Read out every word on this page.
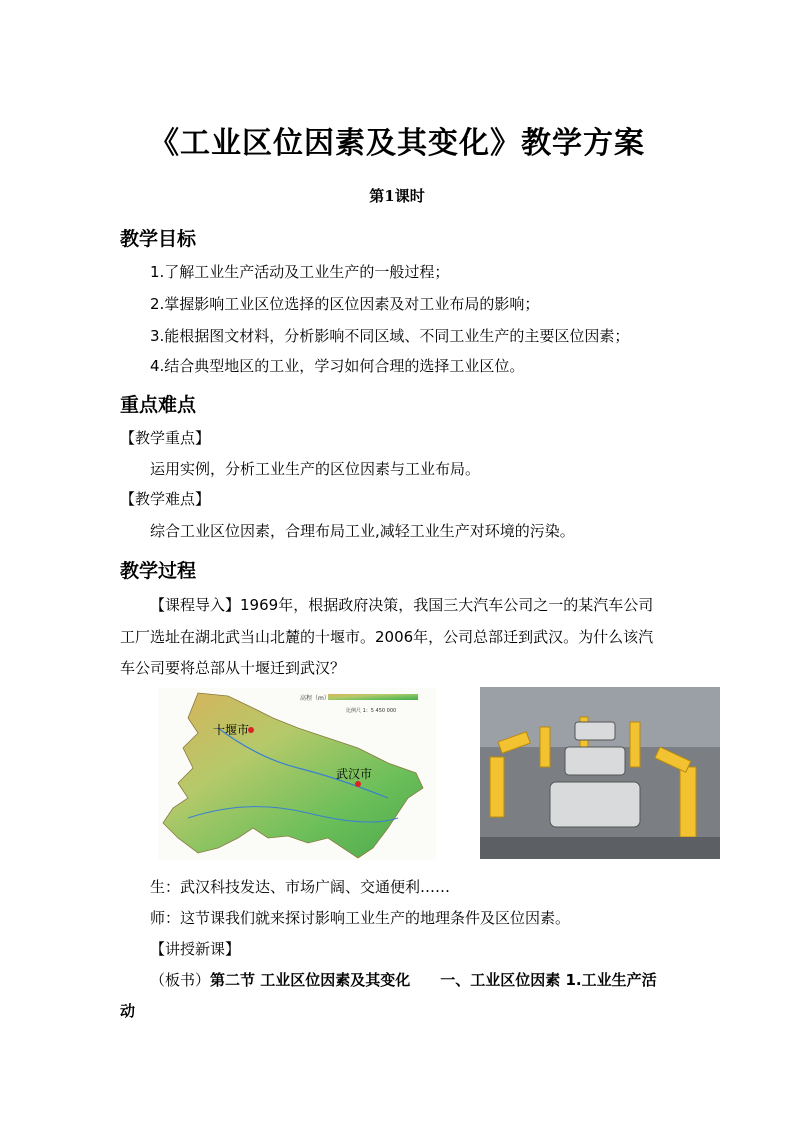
《工业区位因素及其变化》教学方案
第1课时
教学目标
1.了解工业生产活动及工业生产的一般过程；
2.掌握影响工业区位选择的区位因素及对工业布局的影响；
3.能根据图文材料，分析影响不同区域、不同工业生产的主要区位因素；
4.结合典型地区的工业，学习如何合理的选择工业区位。
重点难点
【教学重点】
运用实例，分析工业生产的区位因素与工业布局。
【教学难点】
综合工业区位因素，合理布局工业,减轻工业生产对环境的污染。
教学过程
【课程导入】1969年，根据政府决策，我国三大汽车公司之一的某汽车公司
工厂选址在湖北武当山北麓的十堰市。2006年，公司总部迁到武汉。为什么该汽
车公司要将总部从十堰迁到武汉？
高程（m）
比例尺 1：5 450 000
十堰市
武汉市
生：武汉科技发达、市场广阔、交通便利……
师：这节课我们就来探讨影响工业生产的地理条件及区位因素。
【讲授新课】
（板书）第二节 工业区位因素及其变化　　一、工业区位因素 1.工业生产活
动
